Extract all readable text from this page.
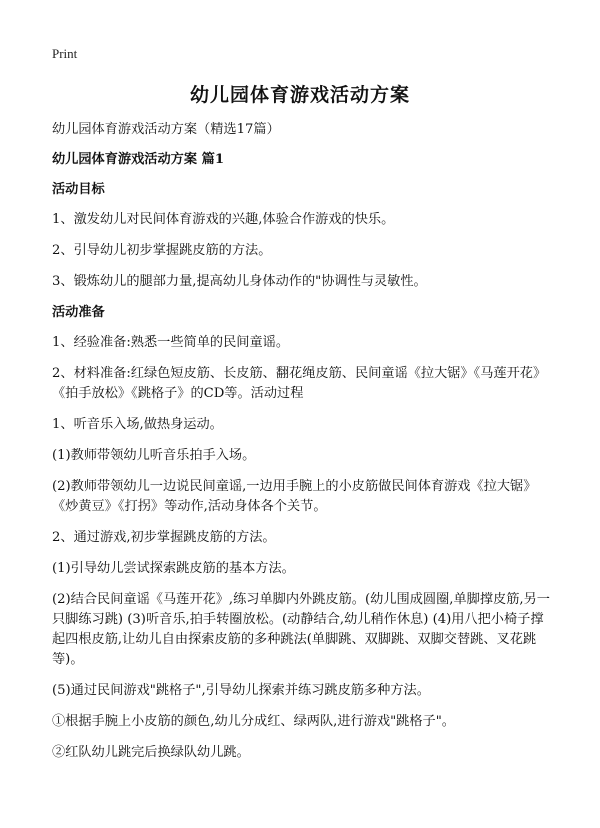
Print
幼儿园体育游戏活动方案

幼儿园体育游戏活动方案（精选17篇）

幼儿园体育游戏活动方案 篇1

活动目标

1、激发幼儿对民间体育游戏的兴趣,体验合作游戏的快乐。

2、引导幼儿初步掌握跳皮筋的方法。

3、锻炼幼儿的腿部力量,提高幼儿身体动作的"协调性与灵敏性。

活动准备

1、经验准备:熟悉一些简单的民间童谣。

2、材料准备:红绿色短皮筋、长皮筋、翻花绳皮筋、民间童谣《拉大锯》《马莲开花》《拍手放松》《跳格子》的CD等。活动过程

1、听音乐入场,做热身运动。

(1)教师带领幼儿听音乐拍手入场。

(2)教师带领幼儿一边说民间童谣,一边用手腕上的小皮筋做民间体育游戏《拉大锯》《炒黄豆》《打拐》等动作,活动身体各个关节。

2、通过游戏,初步掌握跳皮筋的方法。

(1)引导幼儿尝试探索跳皮筋的基本方法。

(2)结合民间童谣《马莲开花》,练习单脚内外跳皮筋。(幼儿围成圆圈,单脚撑皮筋,另一只脚练习跳) (3)听音乐,拍手转圈放松。(动静结合,幼儿稍作休息) (4)用八把小椅子撑起四根皮筋,让幼儿自由探索皮筋的多种跳法(单脚跳、双脚跳、双脚交替跳、叉花跳等)。

(5)通过民间游戏"跳格子",引导幼儿探索并练习跳皮筋多种方法。

①根据手腕上小皮筋的颜色,幼儿分成红、绿两队,进行游戏"跳格子"。

②红队幼儿跳完后换绿队幼儿跳。
